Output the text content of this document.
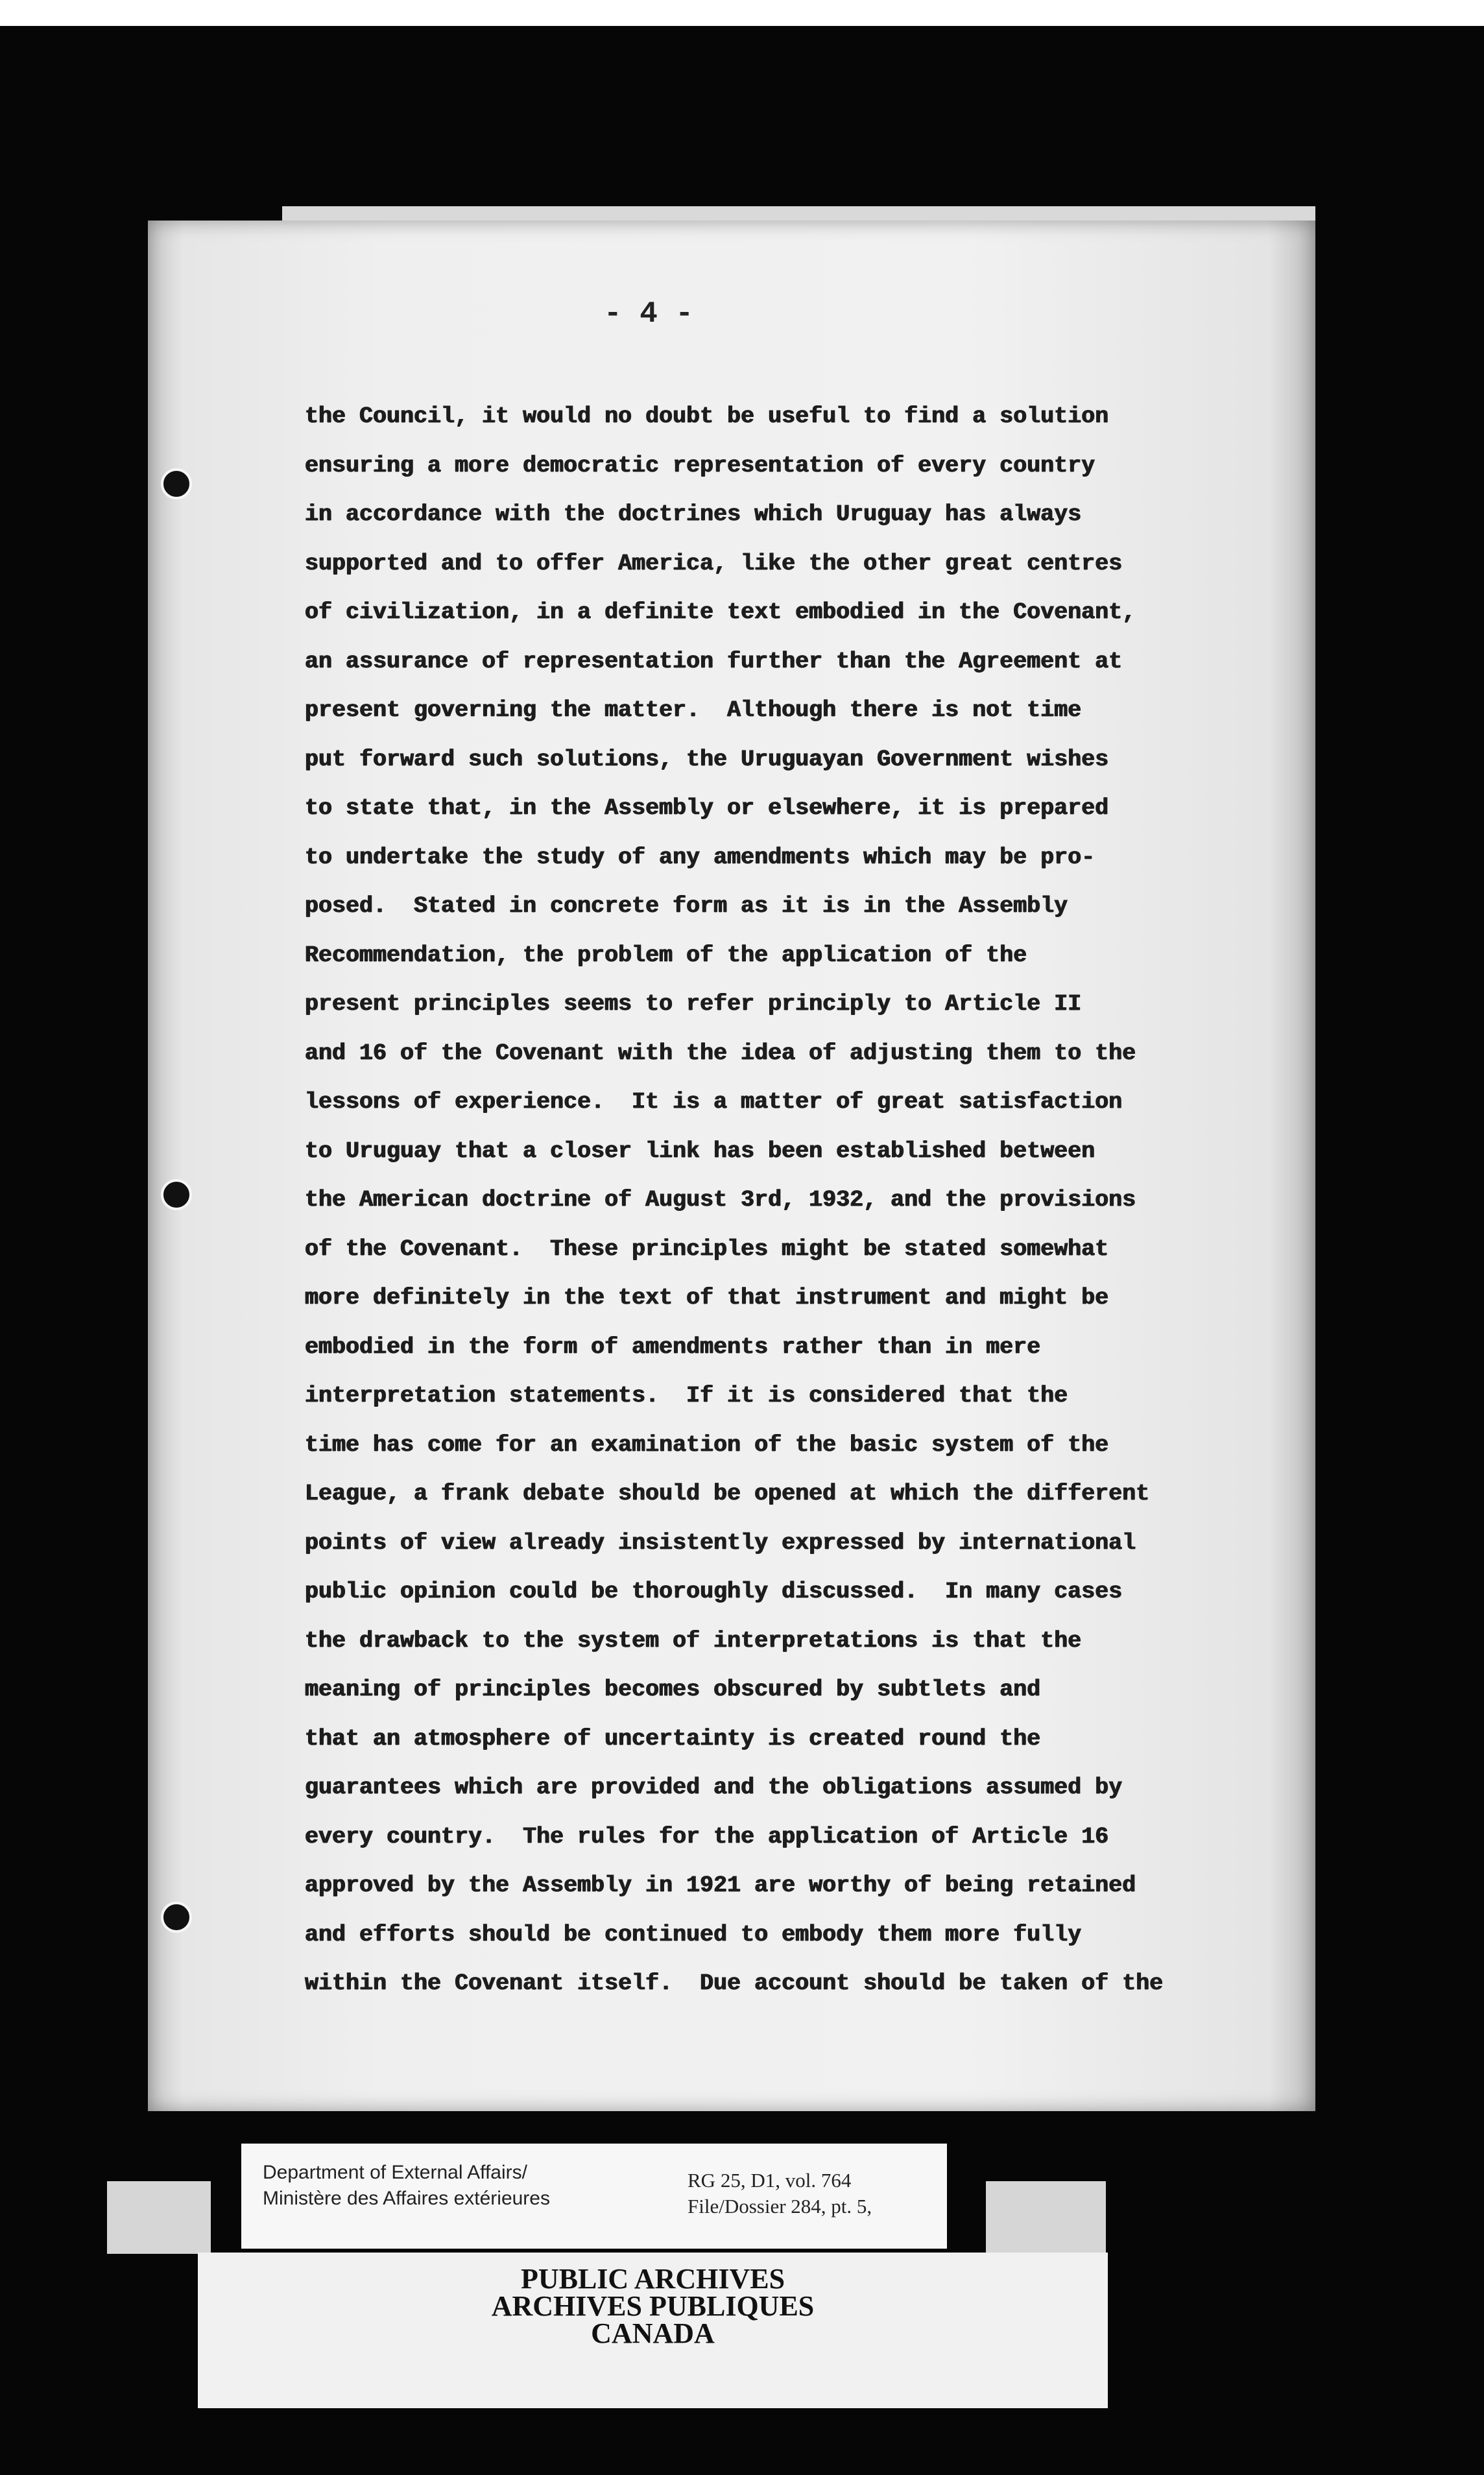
- 4 -
the Council, it would no doubt be useful to find a solution
ensuring a more democratic representation of every country
in accordance with the doctrines which Uruguay has always
supported and to offer America, like the other great centres
of civilization, in a definite text embodied in the Covenant,
an assurance of representation further than the Agreement at
present governing the matter.  Although there is not time
put forward such solutions, the Uruguayan Government wishes
to state that, in the Assembly or elsewhere, it is prepared
to undertake the study of any amendments which may be pro-
posed.  Stated in concrete form as it is in the Assembly
Recommendation, the problem of the application of the
present principles seems to refer principly to Article II
and 16 of the Covenant with the idea of adjusting them to the
lessons of experience.  It is a matter of great satisfaction
to Uruguay that a closer link has been established between
the American doctrine of August 3rd, 1932, and the provisions
of the Covenant.  These principles might be stated somewhat
more definitely in the text of that instrument and might be
embodied in the form of amendments rather than in mere
interpretation statements.  If it is considered that the
time has come for an examination of the basic system of the
League, a frank debate should be opened at which the different
points of view already insistently expressed by international
public opinion could be thoroughly discussed.  In many cases
the drawback to the system of interpretations is that the
meaning of principles becomes obscured by subtlets and
that an atmosphere of uncertainty is created round the
guarantees which are provided and the obligations assumed by
every country.  The rules for the application of Article 16
approved by the Assembly in 1921 are worthy of being retained
and efforts should be continued to embody them more fully
within the Covenant itself.  Due account should be taken of the
Department of External Affairs/
Ministère des Affaires extérieures
RG 25, D1, vol. 764
File/Dossier 284, pt. 5,
PUBLIC ARCHIVES
ARCHIVES PUBLIQUES
CANADA
